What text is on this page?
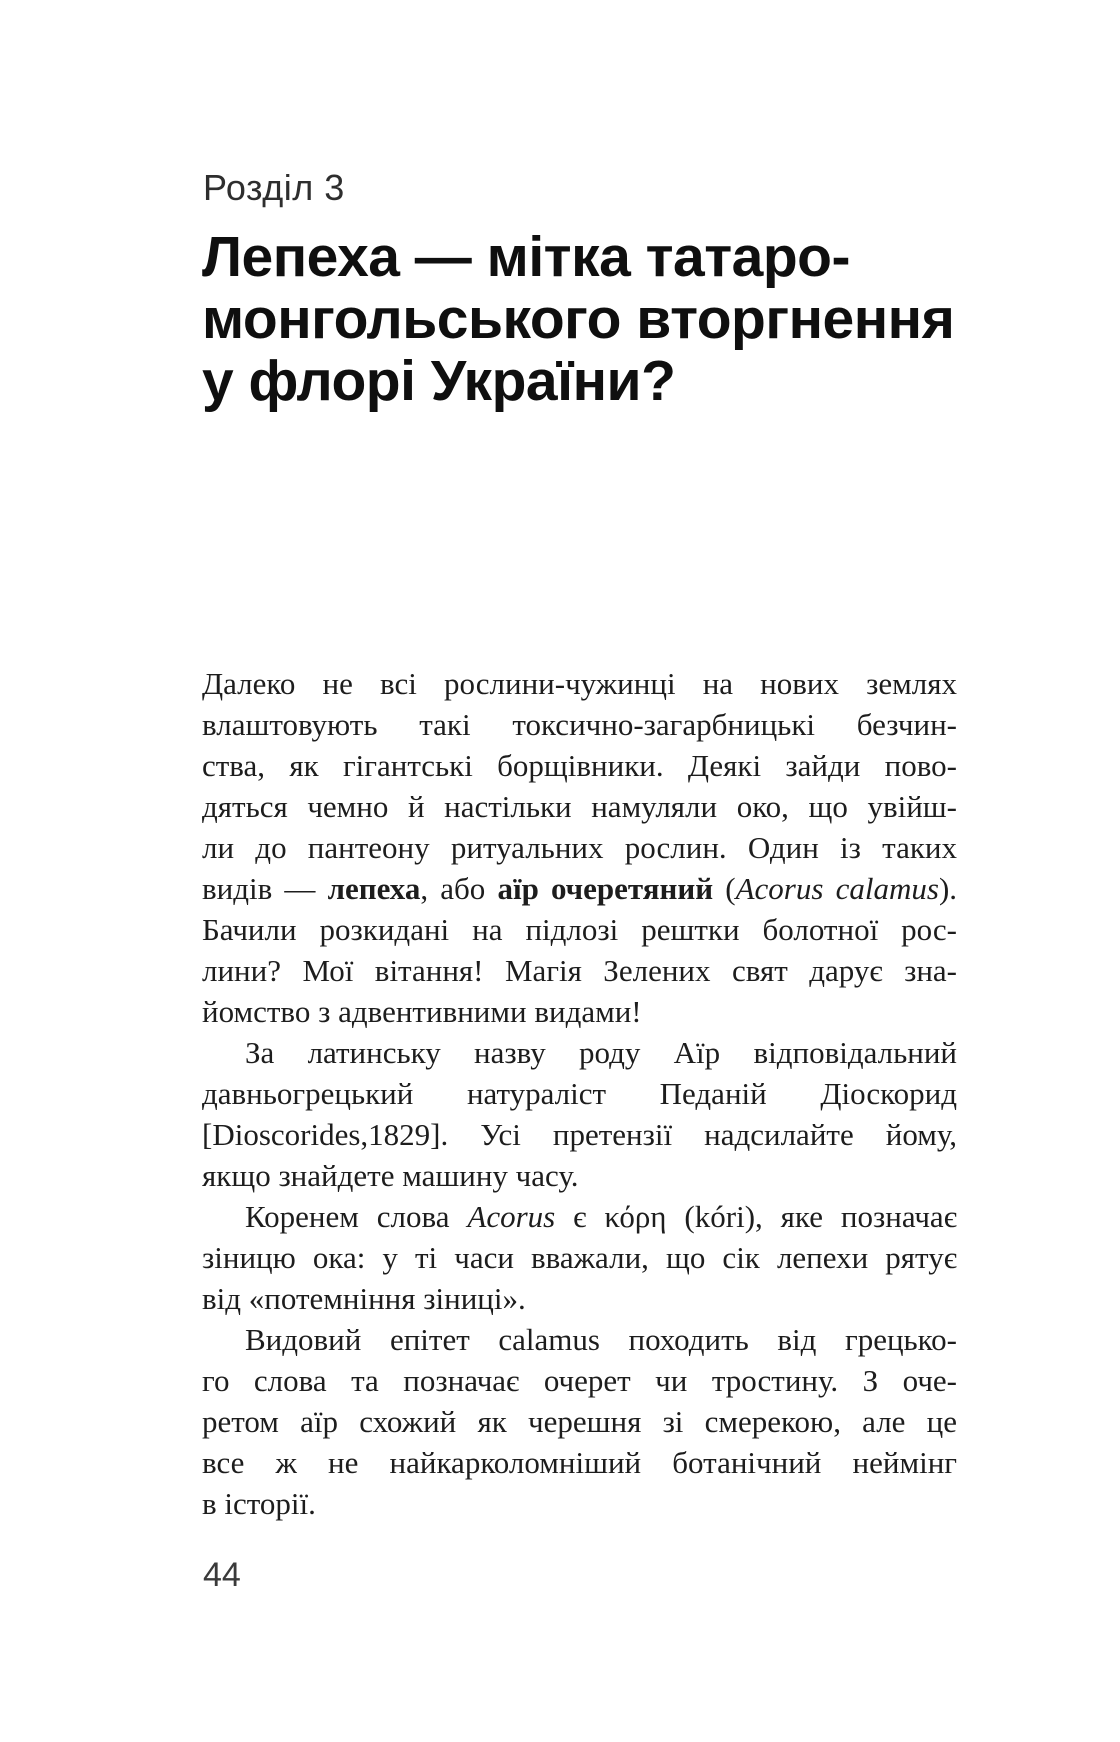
Розділ 3
Лепеха — мітка татаро-
монгольського вторгнення
у флорі України?
Далеко не всі рослини-чужинці на нових землях
влаштовують такі токсично-загарбницькі безчин-
ства, як гігантські борщівники. Деякі зайди пово-
дяться чемно й настільки намуляли око, що увійш-
ли до пантеону ритуальних рослин. Один із таких
видів — лепеха, або аїр очеретяний (Acorus calamus).
Бачили розкидані на підлозі рештки болотної рос-
лини? Мої вітання! Магія Зелених свят дарує зна-
йомство з адвентивними видами!
За латинську назву роду Аїр відповідальний
давньогрецький натураліст Педаній Діоскорид
[Dioscorides,1829]. Усі претензії надсилайте йому,
якщо знайдете машину часу.
Коренем слова Acorus є κόρη (kóri), яке позначає
зіницю ока: у ті часи вважали, що сік лепехи рятує
від «потемніння зіниці».
Видовий епітет calamus походить від грецько-
го слова та позначає очерет чи тростину. З оче-
ретом аїр схожий як черешня зі смерекою, але це
все ж не найкарколомніший ботанічний неймінг
в історії.
44
